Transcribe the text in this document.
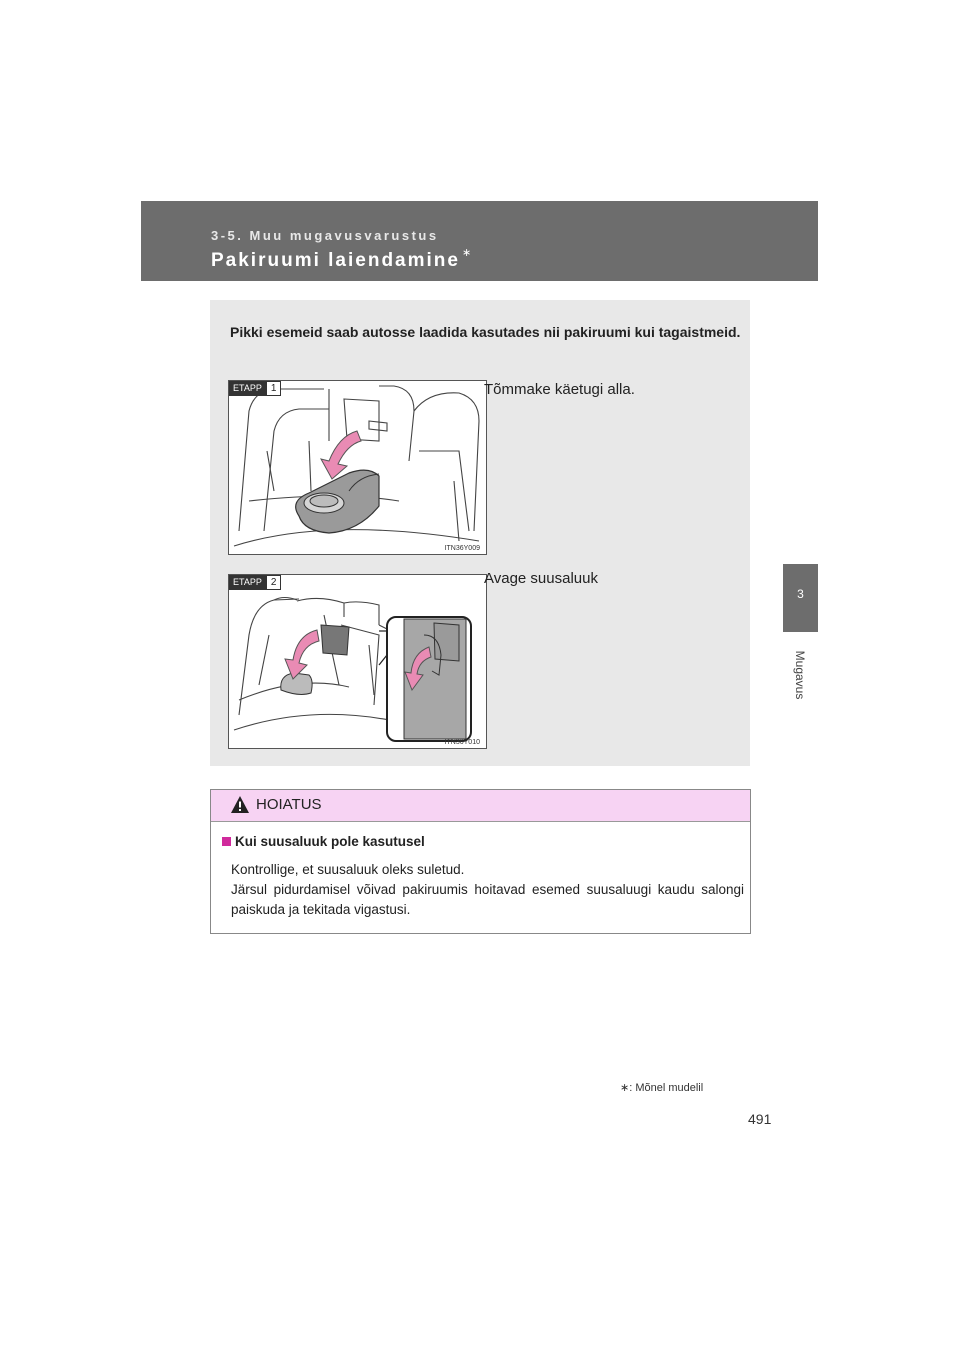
3-5. Muu mugavusvarustus
Pakiruumi laiendamine ∗
3
Mugavus
Pikki esemeid saab autosse laadida kasutades nii pakiruumi kui tagaistmeid.
ETAPP 1
ITN36Y009
Tõmmake käetugi alla.
ETAPP 2
ITN36Y010
Avage suusaluuk
HOIATUS
Kui suusaluuk pole kasutusel
Kontrollige, et suusaluuk oleks suletud.
Järsul pidurdamisel võivad pakiruumis hoitavad esemed suusaluugi kaudu salongi paiskuda ja tekitada vigastusi.
∗: Mõnel mudelil
491
